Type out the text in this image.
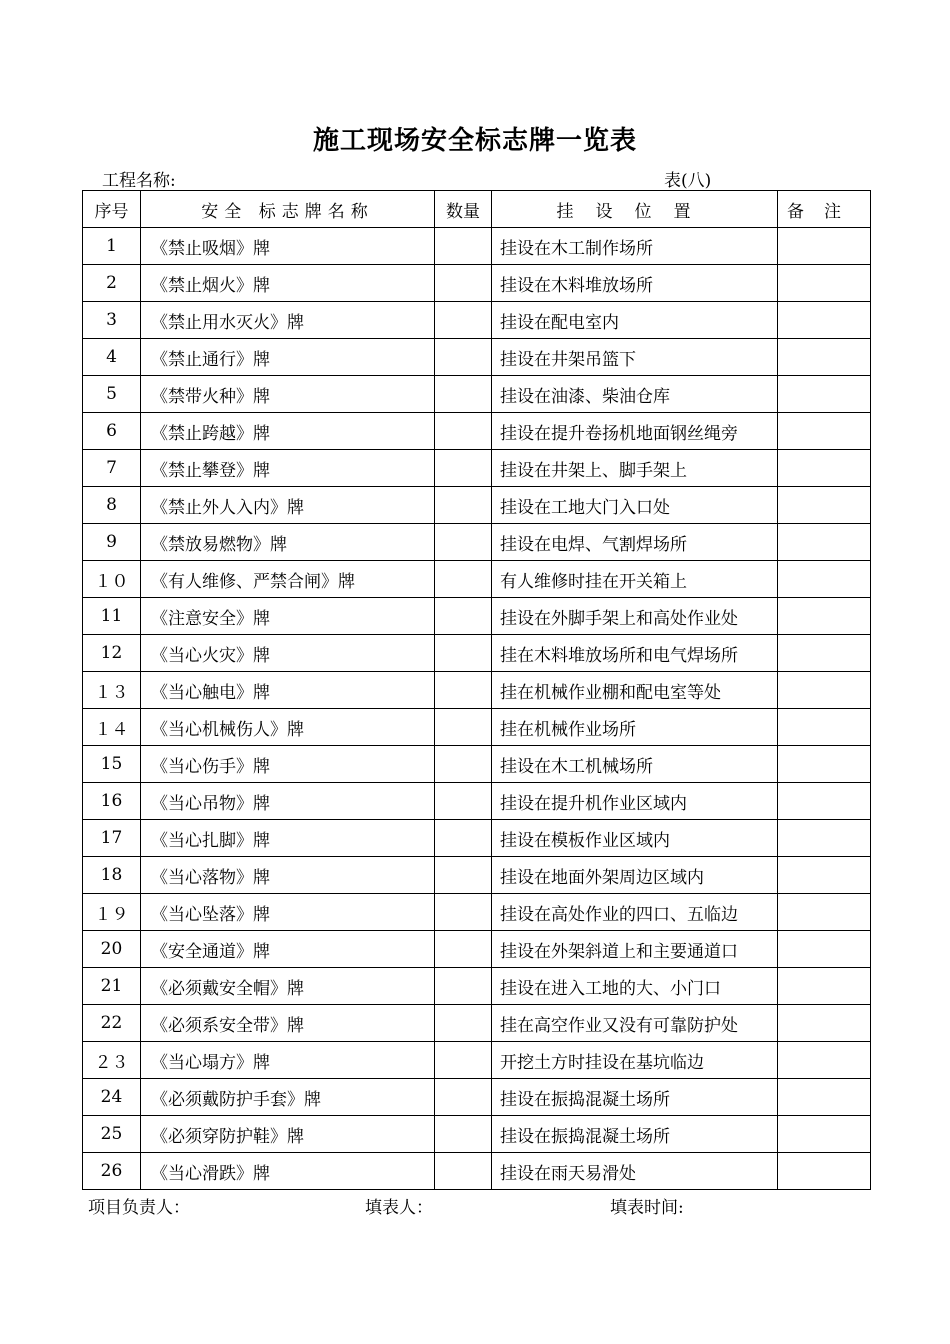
施工现场安全标志牌一览表
工程名称:	表(八)
序号	安全 标志牌名称	数量	挂设位置	备注
1	《禁止吸烟》牌		挂设在木工制作场所	
2	《禁止烟火》牌		挂设在木料堆放场所	
3	《禁止用水灭火》牌		挂设在配电室内	
4	《禁止通行》牌		挂设在井架吊篮下	
5	《禁带火种》牌		挂设在油漆、柴油仓库	
6	《禁止跨越》牌		挂设在提升卷扬机地面钢丝绳旁	
7	《禁止攀登》牌		挂设在井架上、脚手架上	
8	《禁止外人入内》牌		挂设在工地大门入口处	
9	《禁放易燃物》牌		挂设在电焊、气割焊场所	
１０	《有人维修、严禁合闸》牌		有人维修时挂在开关箱上	
11	《注意安全》牌		挂设在外脚手架上和高处作业处	
12	《当心火灾》牌		挂在木料堆放场所和电气焊场所	
１３	《当心触电》牌		挂在机械作业棚和配电室等处	
１４	《当心机械伤人》牌		挂在机械作业场所	
15	《当心伤手》牌		挂设在木工机械场所	
16	《当心吊物》牌		挂设在提升机作业区域内	
17	《当心扎脚》牌		挂设在模板作业区域内	
18	《当心落物》牌		挂设在地面外架周边区域内	
１９	《当心坠落》牌		挂设在高处作业的四口、五临边	
20	《安全通道》牌		挂设在外架斜道上和主要通道口	
21	《必须戴安全帽》牌		挂设在进入工地的大、小门口	
22	《必须系安全带》牌		挂在高空作业又没有可靠防护处	
２３	《当心塌方》牌		开挖土方时挂设在基坑临边	
24	《必须戴防护手套》牌		挂设在振捣混凝土场所	
25	《必须穿防护鞋》牌		挂设在振捣混凝土场所	
26	《当心滑跌》牌		挂设在雨天易滑处	
项目负责人：	填表人：	填表时间:
